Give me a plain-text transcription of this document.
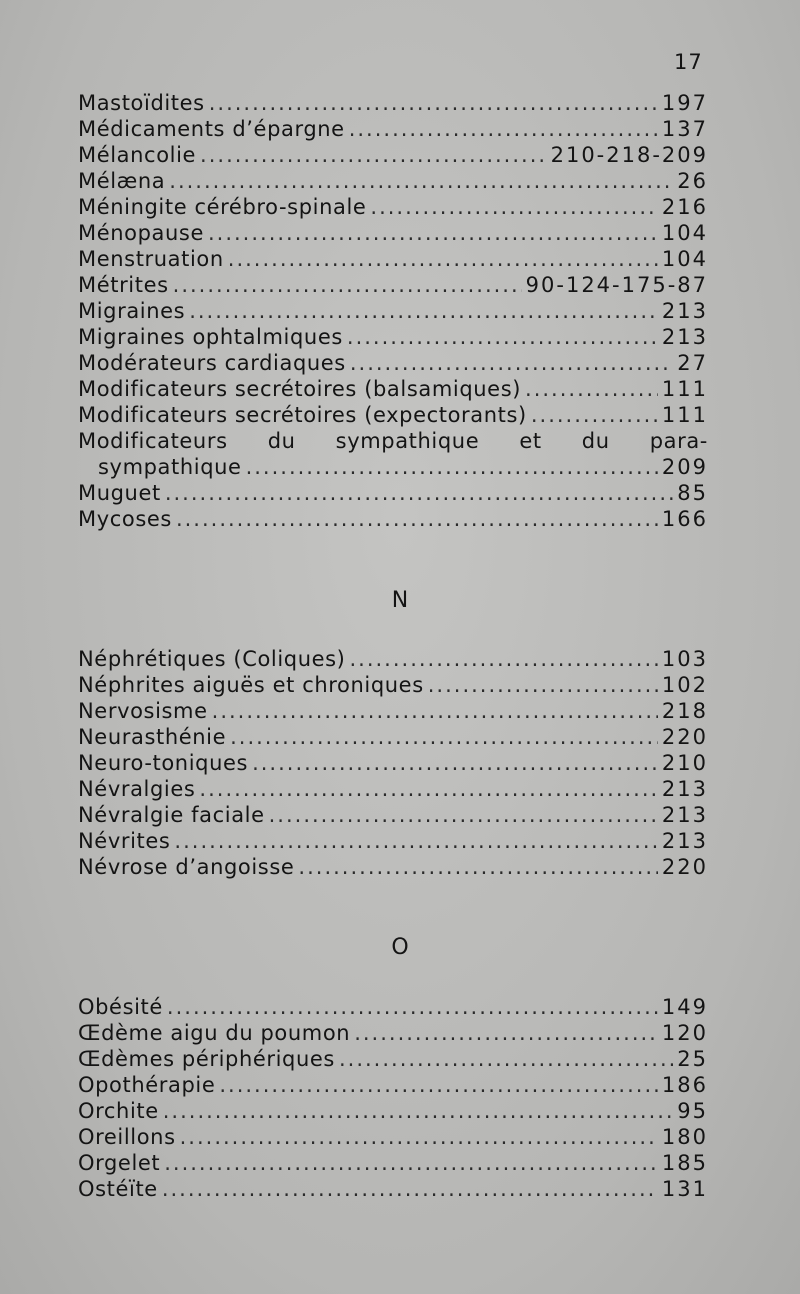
17
Mastoïdites .....	197
Médicaments d’épargne .....	137
Mélancolie .....	210-218-209
Mélæna .....	26
Méningite cérébro-spinale .....	216
Ménopause .....	104
Menstruation .....	104
Métrites .....	90-124-175-87
Migraines .....	213
Migraines ophtalmiques .....	213
Modérateurs cardiaques .....	27
Modificateurs secrétoires (balsamiques) .....	111
Modificateurs secrétoires (expectorants) .....	111
Modificateurs du sympathique et du para-
sympathique .....	209
Muguet .....	85
Mycoses .....	166
N
Néphrétiques (Coliques) .....	103
Néphrites aiguës et chroniques .....	102
Nervosisme .....	218
Neurasthénie .....	220
Neuro-toniques .....	210
Névralgies .....	213
Névralgie faciale .....	213
Névrites .....	213
Névrose d’angoisse .....	220
O
Obésité .....	149
Œdème aigu du poumon .....	120
Œdèmes périphériques .....	25
Opothérapie .....	186
Orchite .....	95
Oreillons .....	180
Orgelet .....	185
Ostéïte .....	131
